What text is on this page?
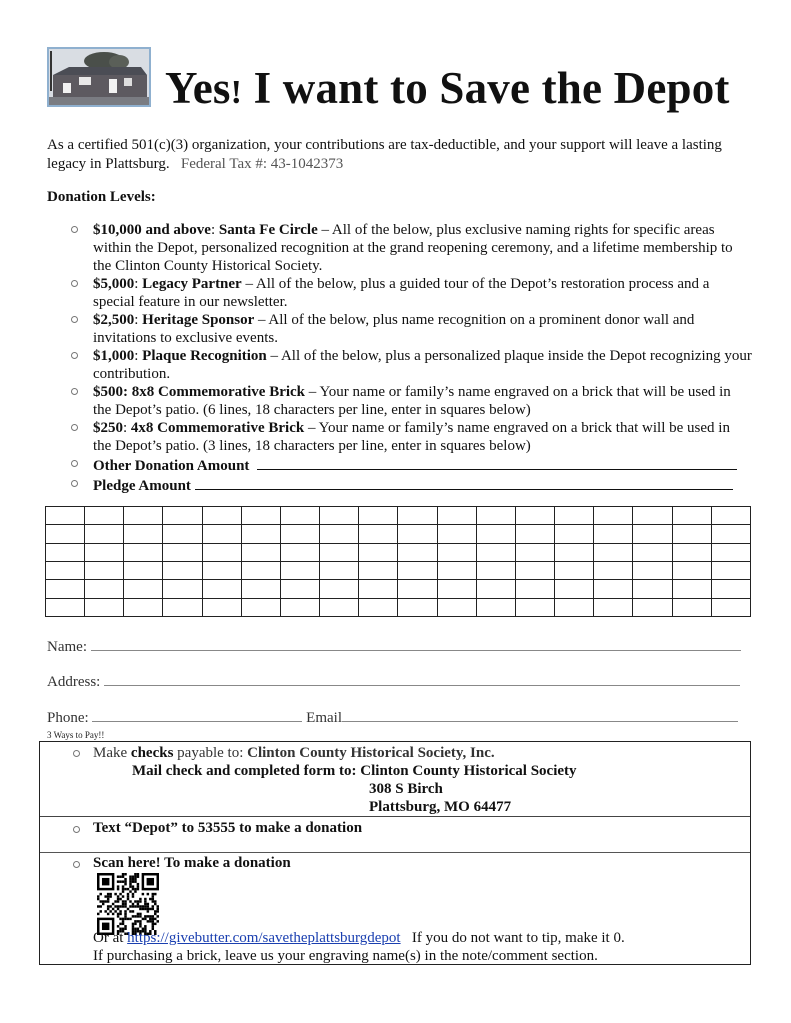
Yes! I want to Save the Depot
As a certified 501(c)(3) organization, your contributions are tax-deductible, and your support will leave a lasting legacy in Plattsburg. Federal Tax #: 43-1042373
Donation Levels:
$10,000 and above: Santa Fe Circle – All of the below, plus exclusive naming rights for specific areas within the Depot, personalized recognition at the grand reopening ceremony, and a lifetime membership to the Clinton County Historical Society.
$5,000: Legacy Partner – All of the below, plus a guided tour of the Depot’s restoration process and a special feature in our newsletter.
$2,500: Heritage Sponsor – All of the below, plus name recognition on a prominent donor wall and invitations to exclusive events.
$1,000: Plaque Recognition – All of the below, plus a personalized plaque inside the Depot recognizing your contribution.
$500: 8x8 Commemorative Brick – Your name or family’s name engraved on a brick that will be used in the Depot’s patio. (6 lines, 18 characters per line, enter in squares below)
$250: 4x8 Commemorative Brick – Your name or family’s name engraved on a brick that will be used in the Depot’s patio. (3 lines, 18 characters per line, enter in squares below)
Other Donation Amount
Pledge Amount

Name:
Address:
Phone:	Email
3 Ways to Pay!!
Make checks payable to: Clinton County Historical Society, Inc.
Mail check and completed form to: Clinton County Historical Society
308 S Birch
Plattsburg, MO 64477
Text “Depot” to 53555 to make a donation
Scan here! To make a donation
Or at https://givebutter.com/savetheplattsburgdepot   If you do not want to tip, make it 0.
If purchasing a brick, leave us your engraving name(s) in the note/comment section.
